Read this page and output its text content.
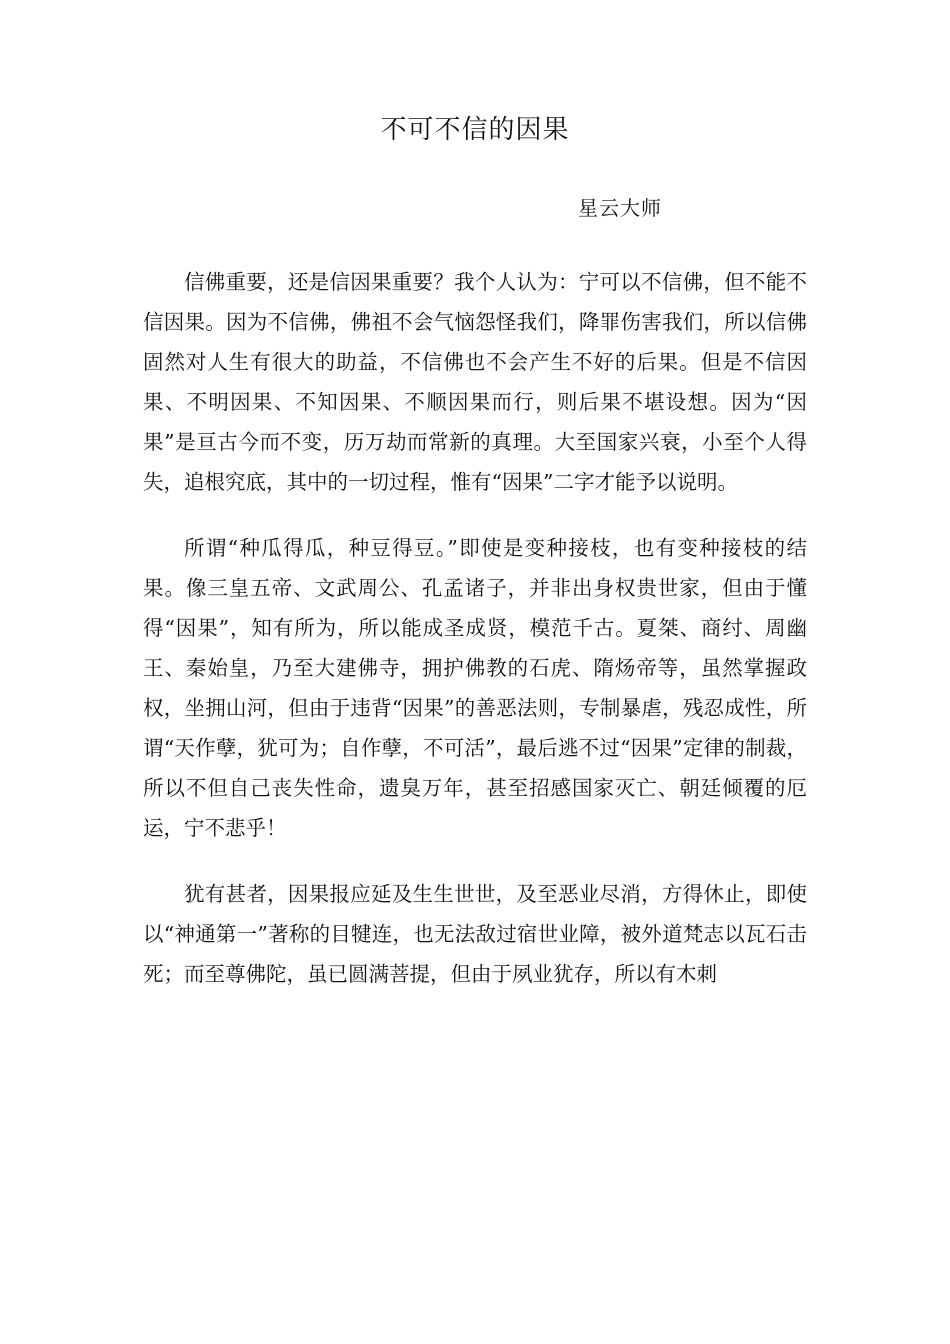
不可不信的因果

星云大师

信佛重要，还是信因果重要？我个人认为：宁可以不信佛，但不能不信因果。因为不信佛，佛祖不会气恼怨怪我们，降罪伤害我们，所以信佛固然对人生有很大的助益，不信佛也不会产生不好的后果。但是不信因果、不明因果、不知因果、不顺因果而行，则后果不堪设想。因为“因果”是亘古今而不变，历万劫而常新的真理。大至国家兴衰，小至个人得失，追根究底，其中的一切过程，惟有“因果”二字才能予以说明。

所谓“种瓜得瓜，种豆得豆。”即使是变种接枝，也有变种接枝的结果。像三皇五帝、文武周公、孔孟诸子，并非出身权贵世家，但由于懂得“因果”，知有所为，所以能成圣成贤，模范千古。夏桀、商纣、周幽王、秦始皇，乃至大建佛寺，拥护佛教的石虎、隋炀帝等，虽然掌握政权，坐拥山河，但由于违背“因果”的善恶法则，专制暴虐，残忍成性，所谓“天作孽，犹可为；自作孽，不可活”，最后逃不过“因果”定律的制裁，所以不但自己丧失性命，遗臭万年，甚至招感国家灭亡、朝廷倾覆的厄运，宁不悲乎！

犹有甚者，因果报应延及生生世世，及至恶业尽消，方得休止，即使以“神通第一”著称的目犍连，也无法敌过宿世业障，被外道梵志以瓦石击死；而至尊佛陀，虽已圆满菩提，但由于夙业犹存，所以有木刺
